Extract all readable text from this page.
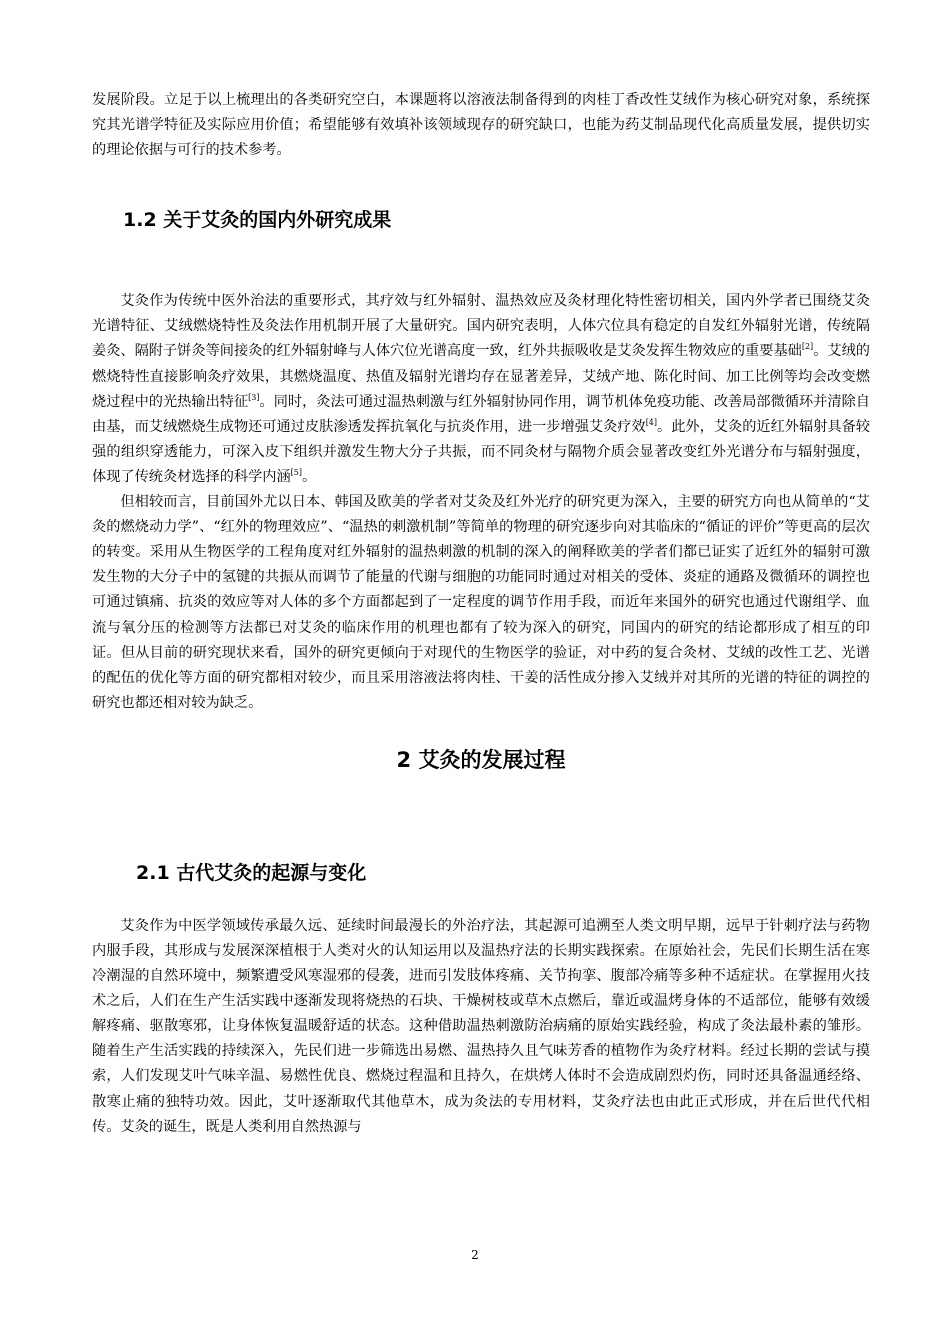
发展阶段。立足于以上梳理出的各类研究空白，本课题将以溶液法制备得到的肉桂丁香改性艾绒作为核心研究对象，系统探究其光谱学特征及实际应用价值；希望能够有效填补该领域现存的研究缺口，也能为药艾制品现代化高质量发展，提供切实的理论依据与可行的技术参考。

1.2 关于艾灸的国内外研究成果

艾灸作为传统中医外治法的重要形式，其疗效与红外辐射、温热效应及灸材理化特性密切相关，国内外学者已围绕艾灸光谱特征、艾绒燃烧特性及灸法作用机制开展了大量研究。国内研究表明，人体穴位具有稳定的自发红外辐射光谱，传统隔姜灸、隔附子饼灸等间接灸的红外辐射峰与人体穴位光谱高度一致，红外共振吸收是艾灸发挥生物效应的重要基础[2]。艾绒的燃烧特性直接影响灸疗效果，其燃烧温度、热值及辐射光谱均存在显著差异，艾绒产地、陈化时间、加工比例等均会改变燃烧过程中的光热输出特征[3]。同时，灸法可通过温热刺激与红外辐射协同作用，调节机体免疫功能、改善局部微循环并清除自由基，而艾绒燃烧生成物还可通过皮肤渗透发挥抗氧化与抗炎作用，进一步增强艾灸疗效[4]。此外，艾灸的近红外辐射具备较强的组织穿透能力，可深入皮下组织并激发生物大分子共振，而不同灸材与隔物介质会显著改变红外光谱分布与辐射强度，体现了传统灸材选择的科学内涵[5]。

但相较而言，目前国外尤以日本、韩国及欧美的学者对艾灸及红外光疗的研究更为深入，主要的研究方向也从简单的“艾灸的燃烧动力学”、“红外的物理效应”、“温热的刺激机制”等简单的物理的研究逐步向对其临床的“循证的评价”等更高的层次的转变。采用从生物医学的工程角度对红外辐射的温热刺激的机制的深入的阐释欧美的学者们都已证实了近红外的辐射可激发生物的大分子中的氢键的共振从而调节了能量的代谢与细胞的功能同时通过对相关的受体、炎症的通路及微循环的调控也可通过镇痛、抗炎的效应等对人体的多个方面都起到了一定程度的调节作用手段，而近年来国外的研究也通过代谢组学、血流与氧分压的检测等方法都已对艾灸的临床作用的机理也都有了较为深入的研究，同国内的研究的结论都形成了相互的印证。但从目前的研究现状来看，国外的研究更倾向于对现代的生物医学的验证，对中药的复合灸材、艾绒的改性工艺、光谱的配伍的优化等方面的研究都相对较少，而且采用溶液法将肉桂、干姜的活性成分掺入艾绒并对其所的光谱的特征的调控的研究也都还相对较为缺乏。

2 艾灸的发展过程
2.1 古代艾灸的起源与变化

艾灸作为中医学领域传承最久远、延续时间最漫长的外治疗法，其起源可追溯至人类文明早期，远早于针刺疗法与药物内服手段，其形成与发展深深植根于人类对火的认知运用以及温热疗法的长期实践探索。在原始社会，先民们长期生活在寒冷潮湿的自然环境中，频繁遭受风寒湿邪的侵袭，进而引发肢体疼痛、关节拘挛、腹部冷痛等多种不适症状。在掌握用火技术之后，人们在生产生活实践中逐渐发现将烧热的石块、干燥树枝或草木点燃后，靠近或温烤身体的不适部位，能够有效缓解疼痛、驱散寒邪，让身体恢复温暖舒适的状态。这种借助温热刺激防治病痛的原始实践经验，构成了灸法最朴素的雏形。随着生产生活实践的持续深入，先民们进一步筛选出易燃、温热持久且气味芳香的植物作为灸疗材料。经过长期的尝试与摸索，人们发现艾叶气味辛温、易燃性优良、燃烧过程温和且持久，在烘烤人体时不会造成剧烈灼伤，同时还具备温通经络、散寒止痛的独特功效。因此，艾叶逐渐取代其他草木，成为灸法的专用材料，艾灸疗法也由此正式形成，并在后世代代相传。艾灸的诞生，既是人类利用自然热源与

2
